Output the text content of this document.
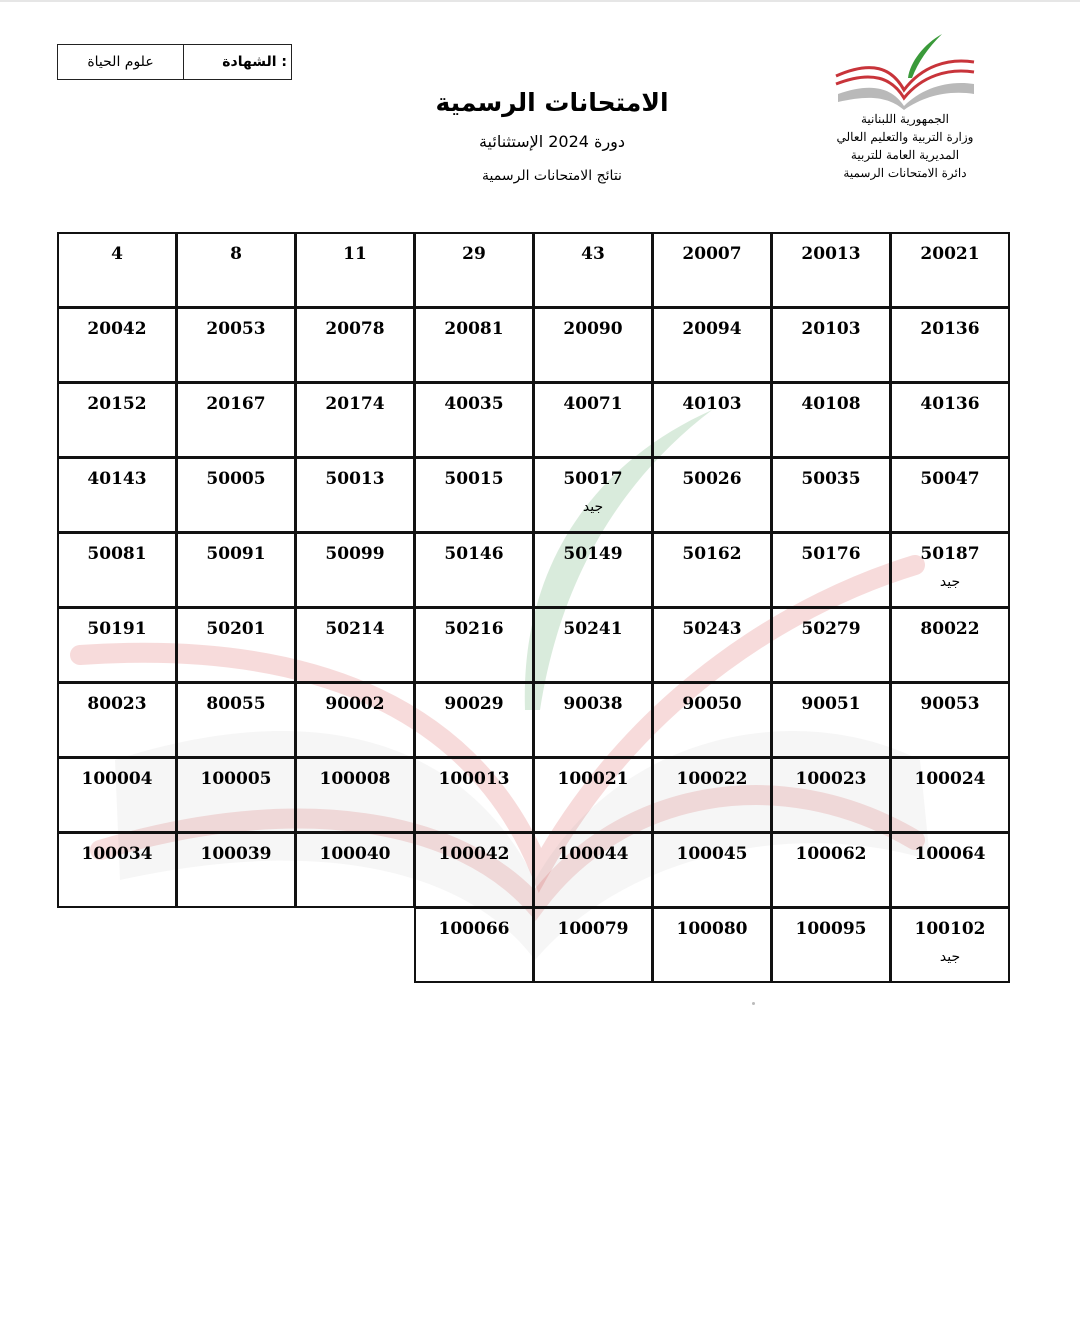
علوم الحياة	الشهادة :
الامتحانات الرسمية
دورة 2024 الإستثنائية
نتائج الامتحانات الرسمية
الجمهورية اللبنانية
وزارة التربية والتعليم العالي
المديرية العامة للتربية
دائرة الامتحانات الرسمية
20021
20013
20007
43
29
11
8
4
20136
20103
20094
20090
20081
20078
20053
20042
40136
40108
40103
40071
40035
20174
20167
20152
50047
50035
50026
50017
جيد
50015
50013
50005
40143
50187
جيد
50176
50162
50149
50146
50099
50091
50081
80022
50279
50243
50241
50216
50214
50201
50191
90053
90051
90050
90038
90029
90002
80055
80023
100024
100023
100022
100021
100013
100008
100005
100004
100064
100062
100045
100044
100042
100040
100039
100034
100102
جيد
100095
100080
100079
100066
